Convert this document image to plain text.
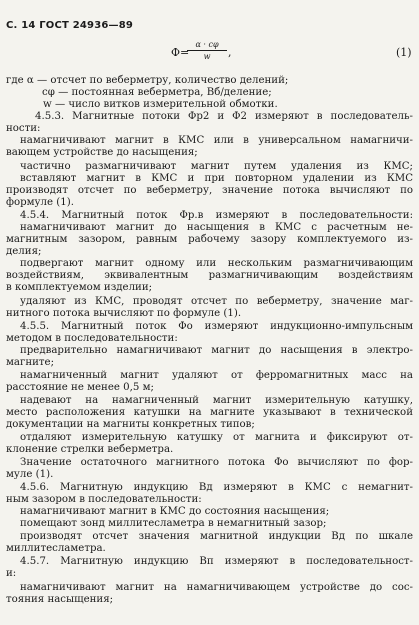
С. 14 ГОСТ 24936—89
Φ=
$\frac{\alpha \cdot c\varphi}{w}$ ,	(1)
где α — отсчет по веберметру, количество делений;
cφ — постоянная веберметра, Вб/деление;
w — число витков измерительной обмотки.
4.5.3. Магнитные потоки Φр2 и Φ2 измеряют в последователь-
ности:
намагничивают магнит в КМС или в универсальном намагничи-
вающем устройстве до насыщения;
частично размагничивают магнит путем удаления из КМС;
вставляют магнит в КМС и при повторном удалении из КМС
производят отсчет по веберметру, значение потока вычисляют по
формуле (1).
4.5.4. Магнитный поток Φр.в измеряют в последовательности:
намагничивают магнит до насыщения в КМС с расчетным не-
магнитным зазором, равным рабочему зазору комплектуемого из-
делия;
подвергают магнит одному или нескольким размагничивающим
воздействиям, эквивалентным размагничивающим воздействиям
в комплектуемом изделии;
удаляют из КМС, проводят отсчет по веберметру, значение маг-
нитного потока вычисляют по формуле (1).
4.5.5. Магнитный поток Φо измеряют индукционно-импульсным
методом в последовательности:
предварительно намагничивают магнит до насыщения в электро-
магните;
намагниченный магнит удаляют от ферромагнитных масс на
расстояние не менее 0,5 м;
надевают на намагниченный магнит измерительную катушку,
место расположения катушки на магните указывают в технической
документации на магниты конкретных типов;
отдаляют измерительную катушку от магнита и фиксируют от-
клонение стрелки веберметра.
Значение остаточного магнитного потока Φо вычисляют по фор-
муле (1).
4.5.6. Магнитную индукцию Bд измеряют в КМС с немагнит-
ным зазором в последовательности:
намагничивают магнит в КМС до состояния насыщения;
помещают зонд миллитесламетра в немагнитный зазор;
производят отсчет значения магнитной индукции Bд по шкале
миллитесламетра.
4.5.7. Магнитную индукцию Bп измеряют в последовательност-
и:
намагничивают магнит на намагничивающем устройстве до сос-
тояния насыщения;
